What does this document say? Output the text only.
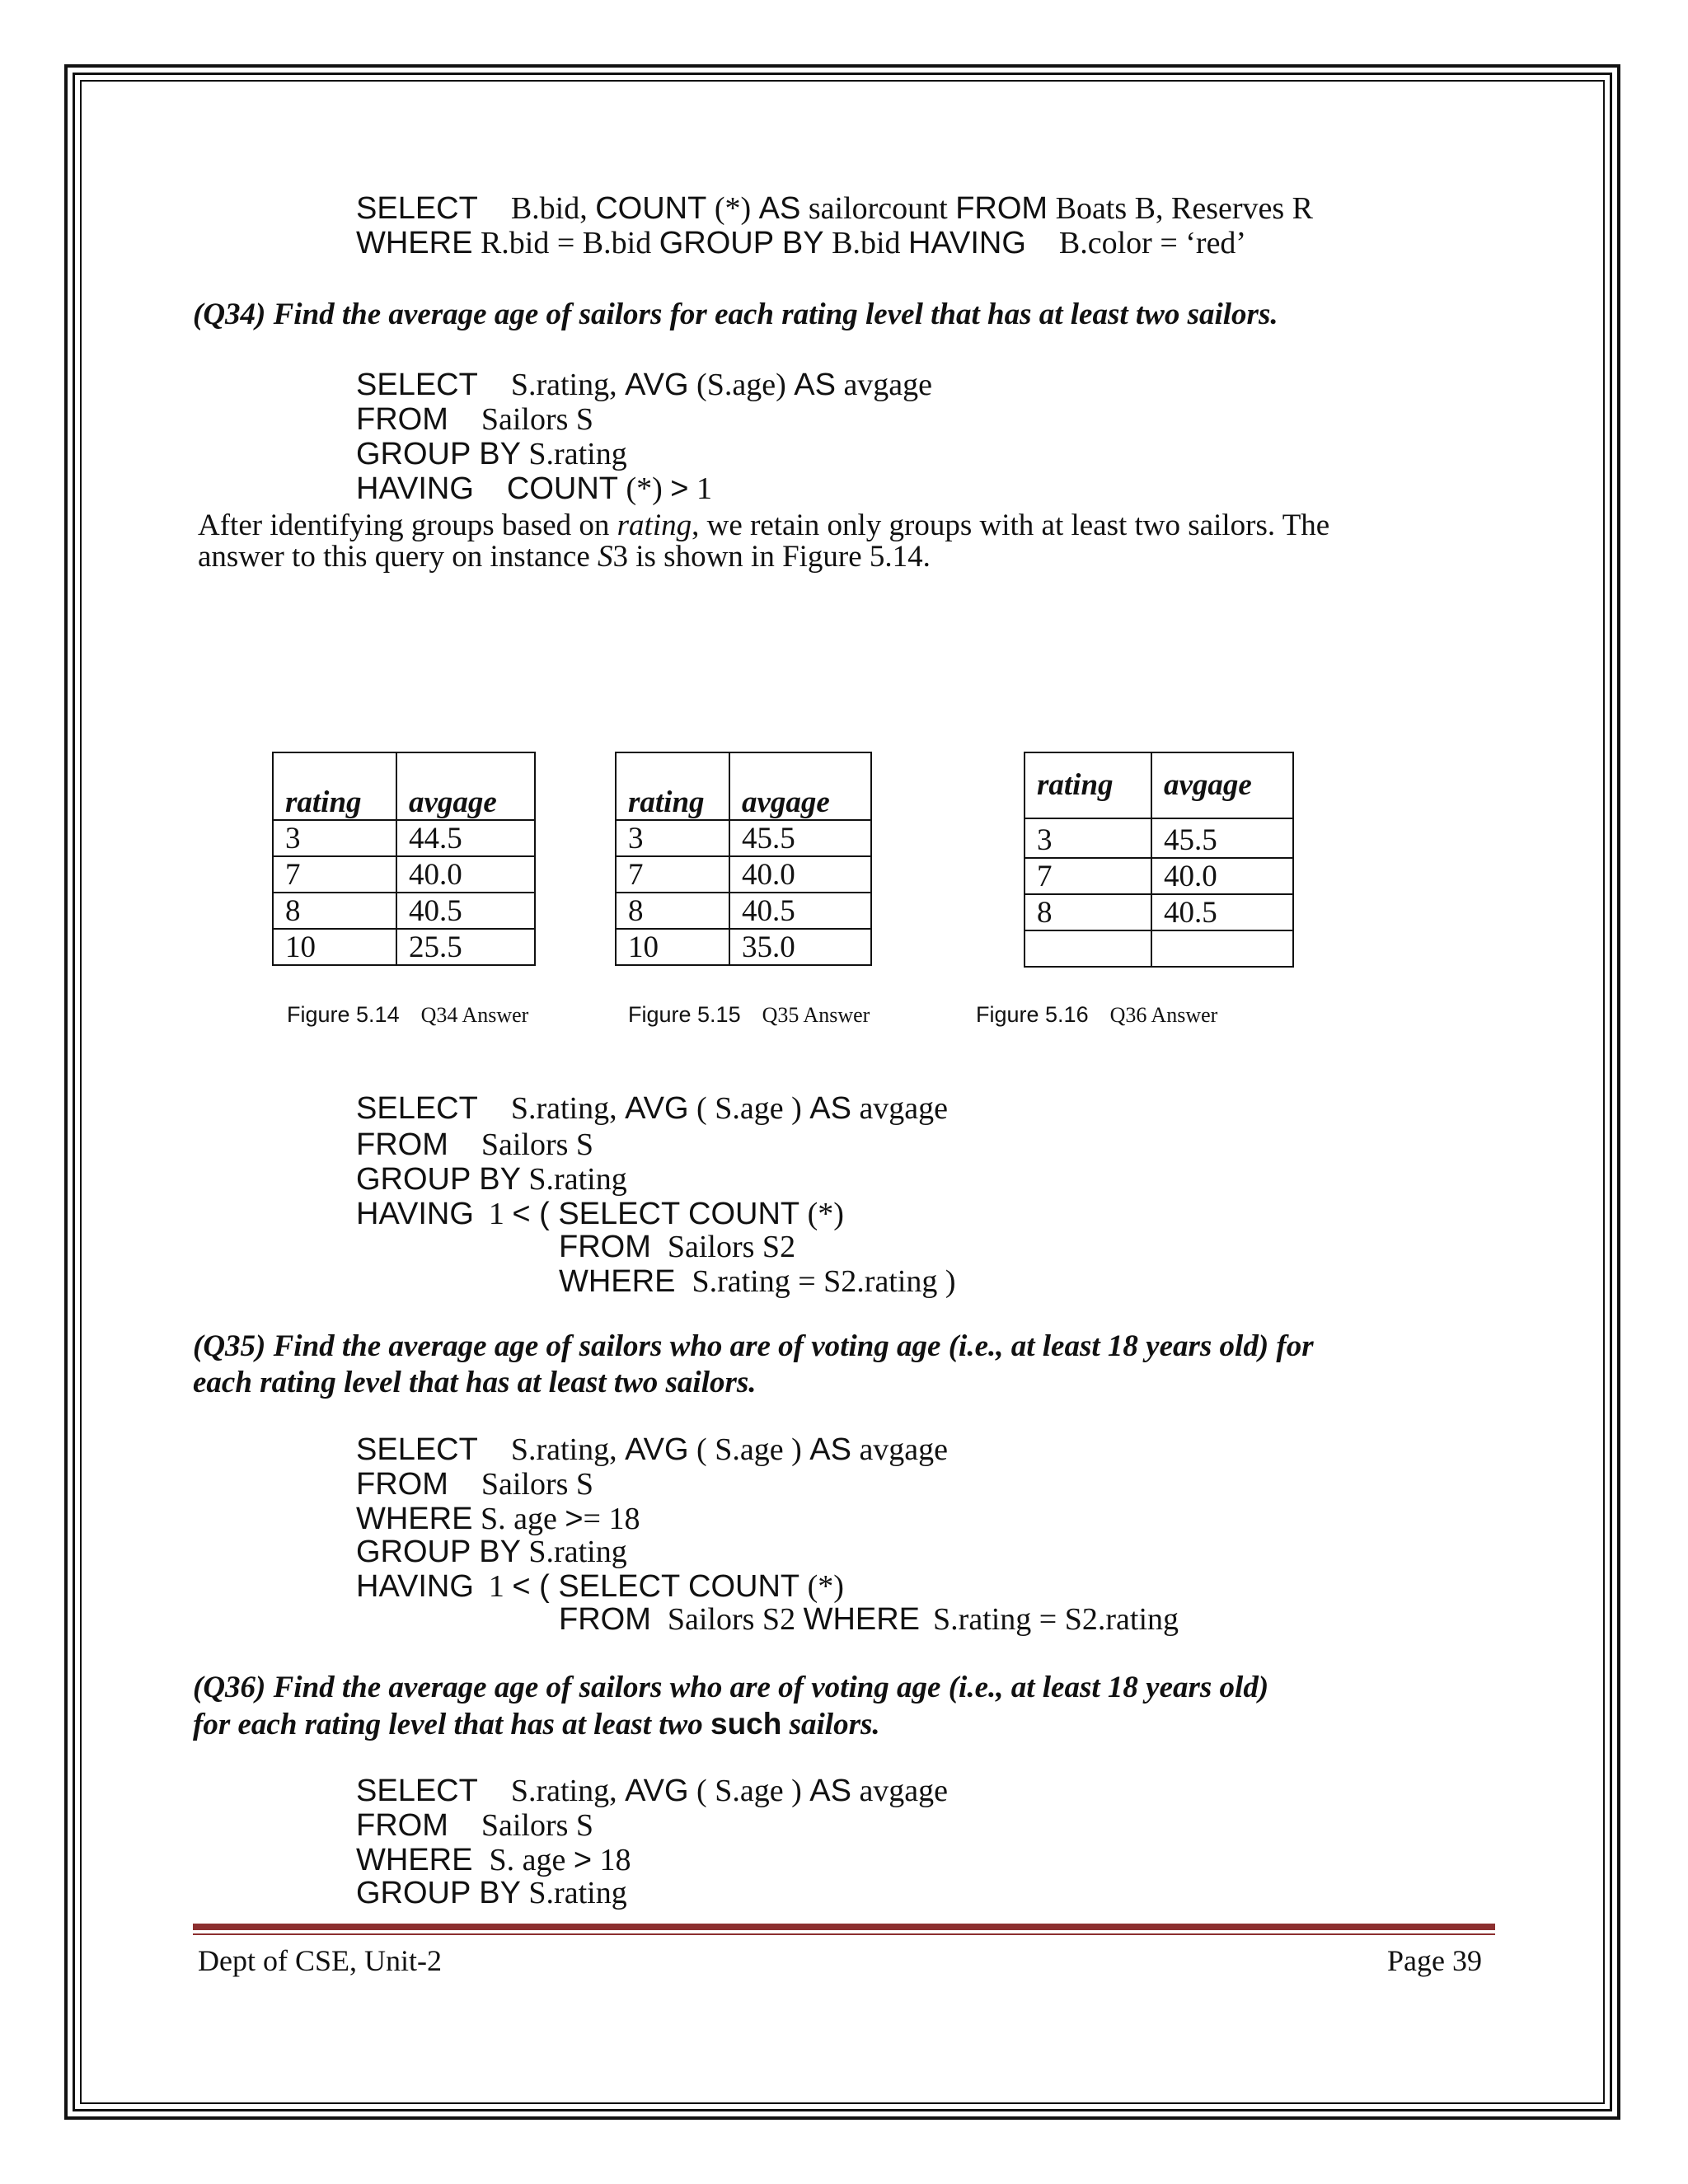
SELECT B.bid, COUNT (*) AS sailorcount FROM Boats B, Reserves R
WHERE R.bid = B.bid GROUP BY B.bid HAVING B.color = ‘red’
(Q34) Find the average age of sailors for each rating level that has at least two sailors.
SELECT S.rating, AVG (S.age) AS avgage
FROM Sailors S
GROUP BY S.rating
HAVING COUNT (*) > 1
After identifying groups based on rating, we retain only groups with at least two sailors. The
answer to this query on instance S3 is shown in Figure 5.14.
rating	avgage
3	44.5
7	40.0
8	40.5
10	25.5
rating	avgage
3	45.5
7	40.0
8	40.5
10	35.0
rating	avgage
3	45.5
7	40.0
8	40.5

Figure 5.14 Q34 Answer	Figure 5.15 Q35 Answer	Figure 5.16 Q36 Answer
SELECT S.rating, AVG ( S.age ) AS avgage
FROM Sailors S
GROUP BY S.rating
HAVING 1 < ( SELECT COUNT (*)
FROM Sailors S2
WHERE S.rating = S2.rating )
(Q35) Find the average age of sailors who are of voting age (i.e., at least 18 years old) for
each rating level that has at least two sailors.
SELECT S.rating, AVG ( S.age ) AS avgage
FROM Sailors S
WHERE S. age >= 18
GROUP BY S.rating
HAVING 1 < ( SELECT COUNT (*)
FROM Sailors S2 WHERE S.rating = S2.rating
(Q36) Find the average age of sailors who are of voting age (i.e., at least 18 years old)
for each rating level that has at least two such sailors.
SELECT S.rating, AVG ( S.age ) AS avgage
FROM Sailors S
WHERE S. age > 18
GROUP BY S.rating
Dept of CSE, Unit-2	Page 39
